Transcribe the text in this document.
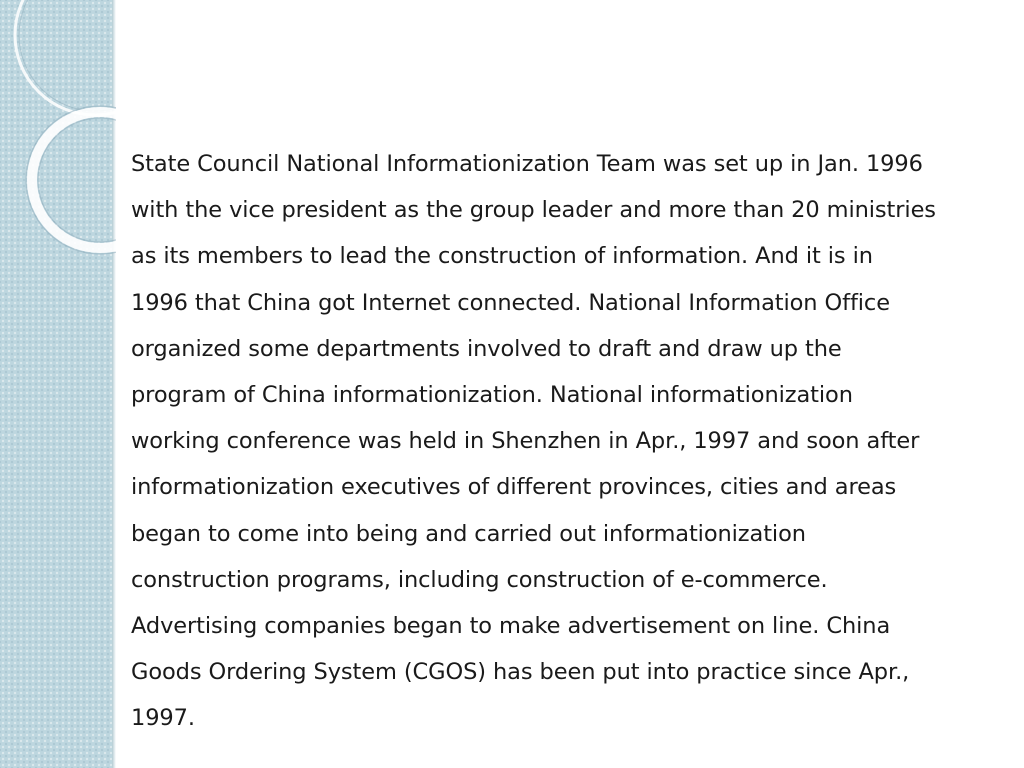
State Council National Informationization Team was set up in Jan. 1996
with the vice president as the group leader and more than 20 ministries
as its members to lead the construction of information. And it is in
1996 that China got Internet connected. National Information Office
organized some departments involved to draft and draw up the
program of China informationization. National informationization
working conference was held in Shenzhen in Apr., 1997 and soon after
informationization executives of different provinces, cities and areas
began to come into being and carried out informationization
construction programs, including construction of e-commerce.
Advertising companies began to make advertisement on line. China
Goods Ordering System (CGOS) has been put into practice since Apr.,
1997.
